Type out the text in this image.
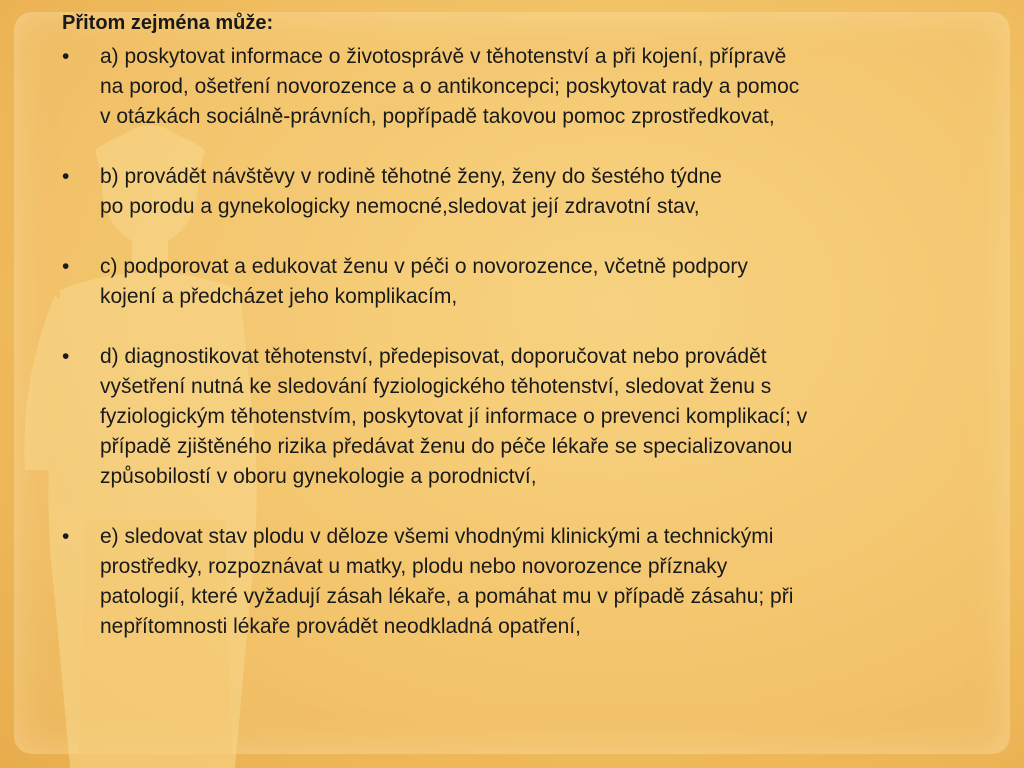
Přitom zejména může:
• a) poskytovat informace o životosprávě v těhotenství a při kojení, přípravě
na porod, ošetření novorozence a o antikoncepci; poskytovat rady a pomoc
v otázkách sociálně-právních, popřípadě takovou pomoc zprostředkovat,
• b) provádět návštěvy v rodině těhotné ženy, ženy do šestého týdne
po porodu a gynekologicky nemocné,sledovat její zdravotní stav,
• c) podporovat a edukovat ženu v péči o novorozence, včetně podpory
kojení a předcházet jeho komplikacím,
• d) diagnostikovat těhotenství, předepisovat, doporučovat nebo provádět
vyšetření nutná ke sledování fyziologického těhotenství, sledovat ženu s
fyziologickým těhotenstvím, poskytovat jí informace o prevenci komplikací; v
případě zjištěného rizika předávat ženu do péče lékaře se specializovanou
způsobilostí v oboru gynekologie a porodnictví,
• e) sledovat stav plodu v děloze všemi vhodnými klinickými a technickými
prostředky, rozpoznávat u matky, plodu nebo novorozence příznaky
patologií, které vyžadují zásah lékaře, a pomáhat mu v případě zásahu; při
nepřítomnosti lékaře provádět neodkladná opatření,
